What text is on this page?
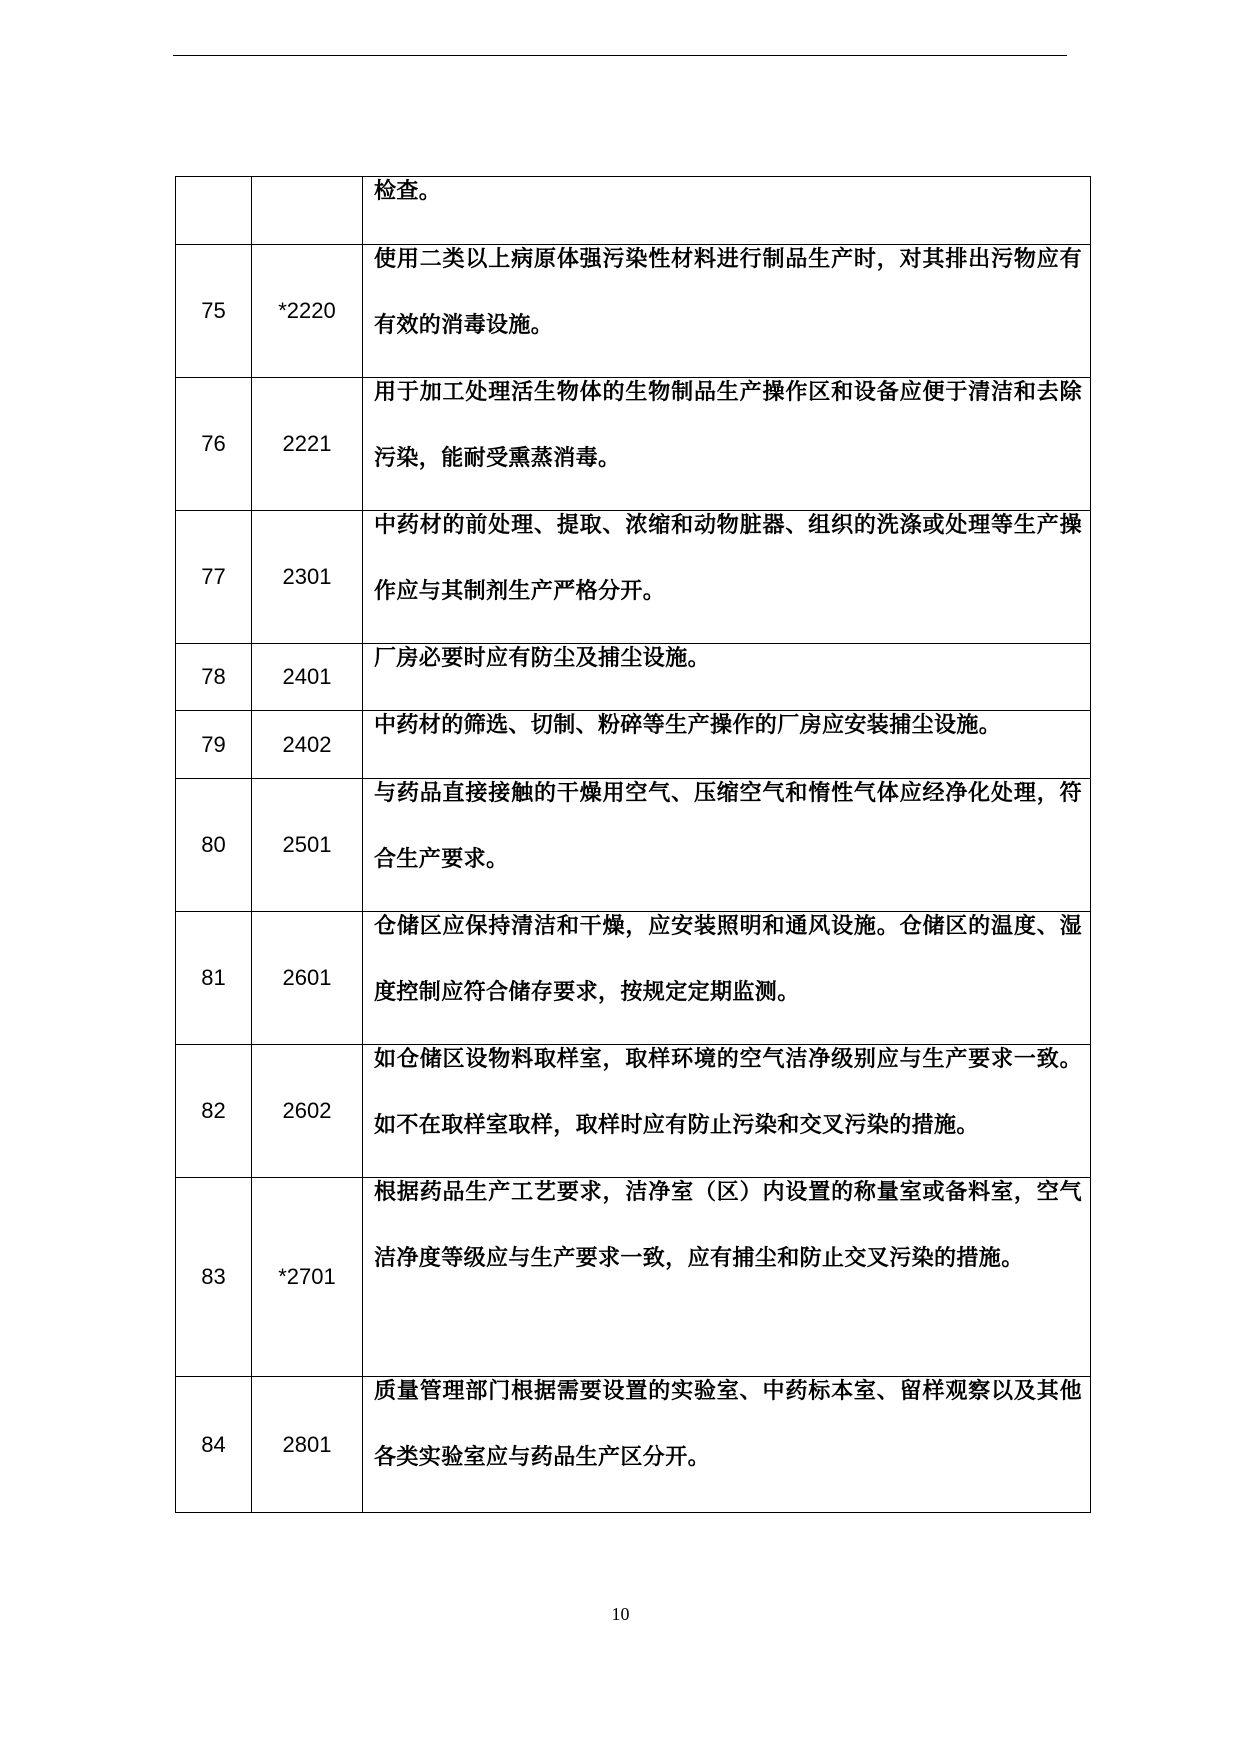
		检查。

75	*2220	使用二类以上病原体强污染性材料进行制品生产时，对其排出污物应有有效的消毒设施。

76	2221	用于加工处理活生物体的生物制品生产操作区和设备应便于清洁和去除污染，能耐受熏蒸消毒。

77	2301	中药材的前处理、提取、浓缩和动物脏器、组织的洗涤或处理等生产操作应与其制剂生产严格分开。

78	2401	厂房必要时应有防尘及捕尘设施。

79	2402	中药材的筛选、切制、粉碎等生产操作的厂房应安装捕尘设施。

80	2501	与药品直接接触的干燥用空气、压缩空气和惰性气体应经净化处理，符合生产要求。

81	2601	仓储区应保持清洁和干燥，应安装照明和通风设施。仓储区的温度、湿度控制应符合储存要求，按规定定期监测。

82	2602	如仓储区设物料取样室，取样环境的空气洁净级别应与生产要求一致。如不在取样室取样，取样时应有防止污染和交叉污染的措施。

83	*2701	根据药品生产工艺要求，洁净室（区）内设置的称量室或备料室，空气洁净度等级应与生产要求一致，应有捕尘和防止交叉污染的措施。

84	2801	质量管理部门根据需要设置的实验室、中药标本室、留样观察以及其他各类实验室应与药品生产区分开。
10
